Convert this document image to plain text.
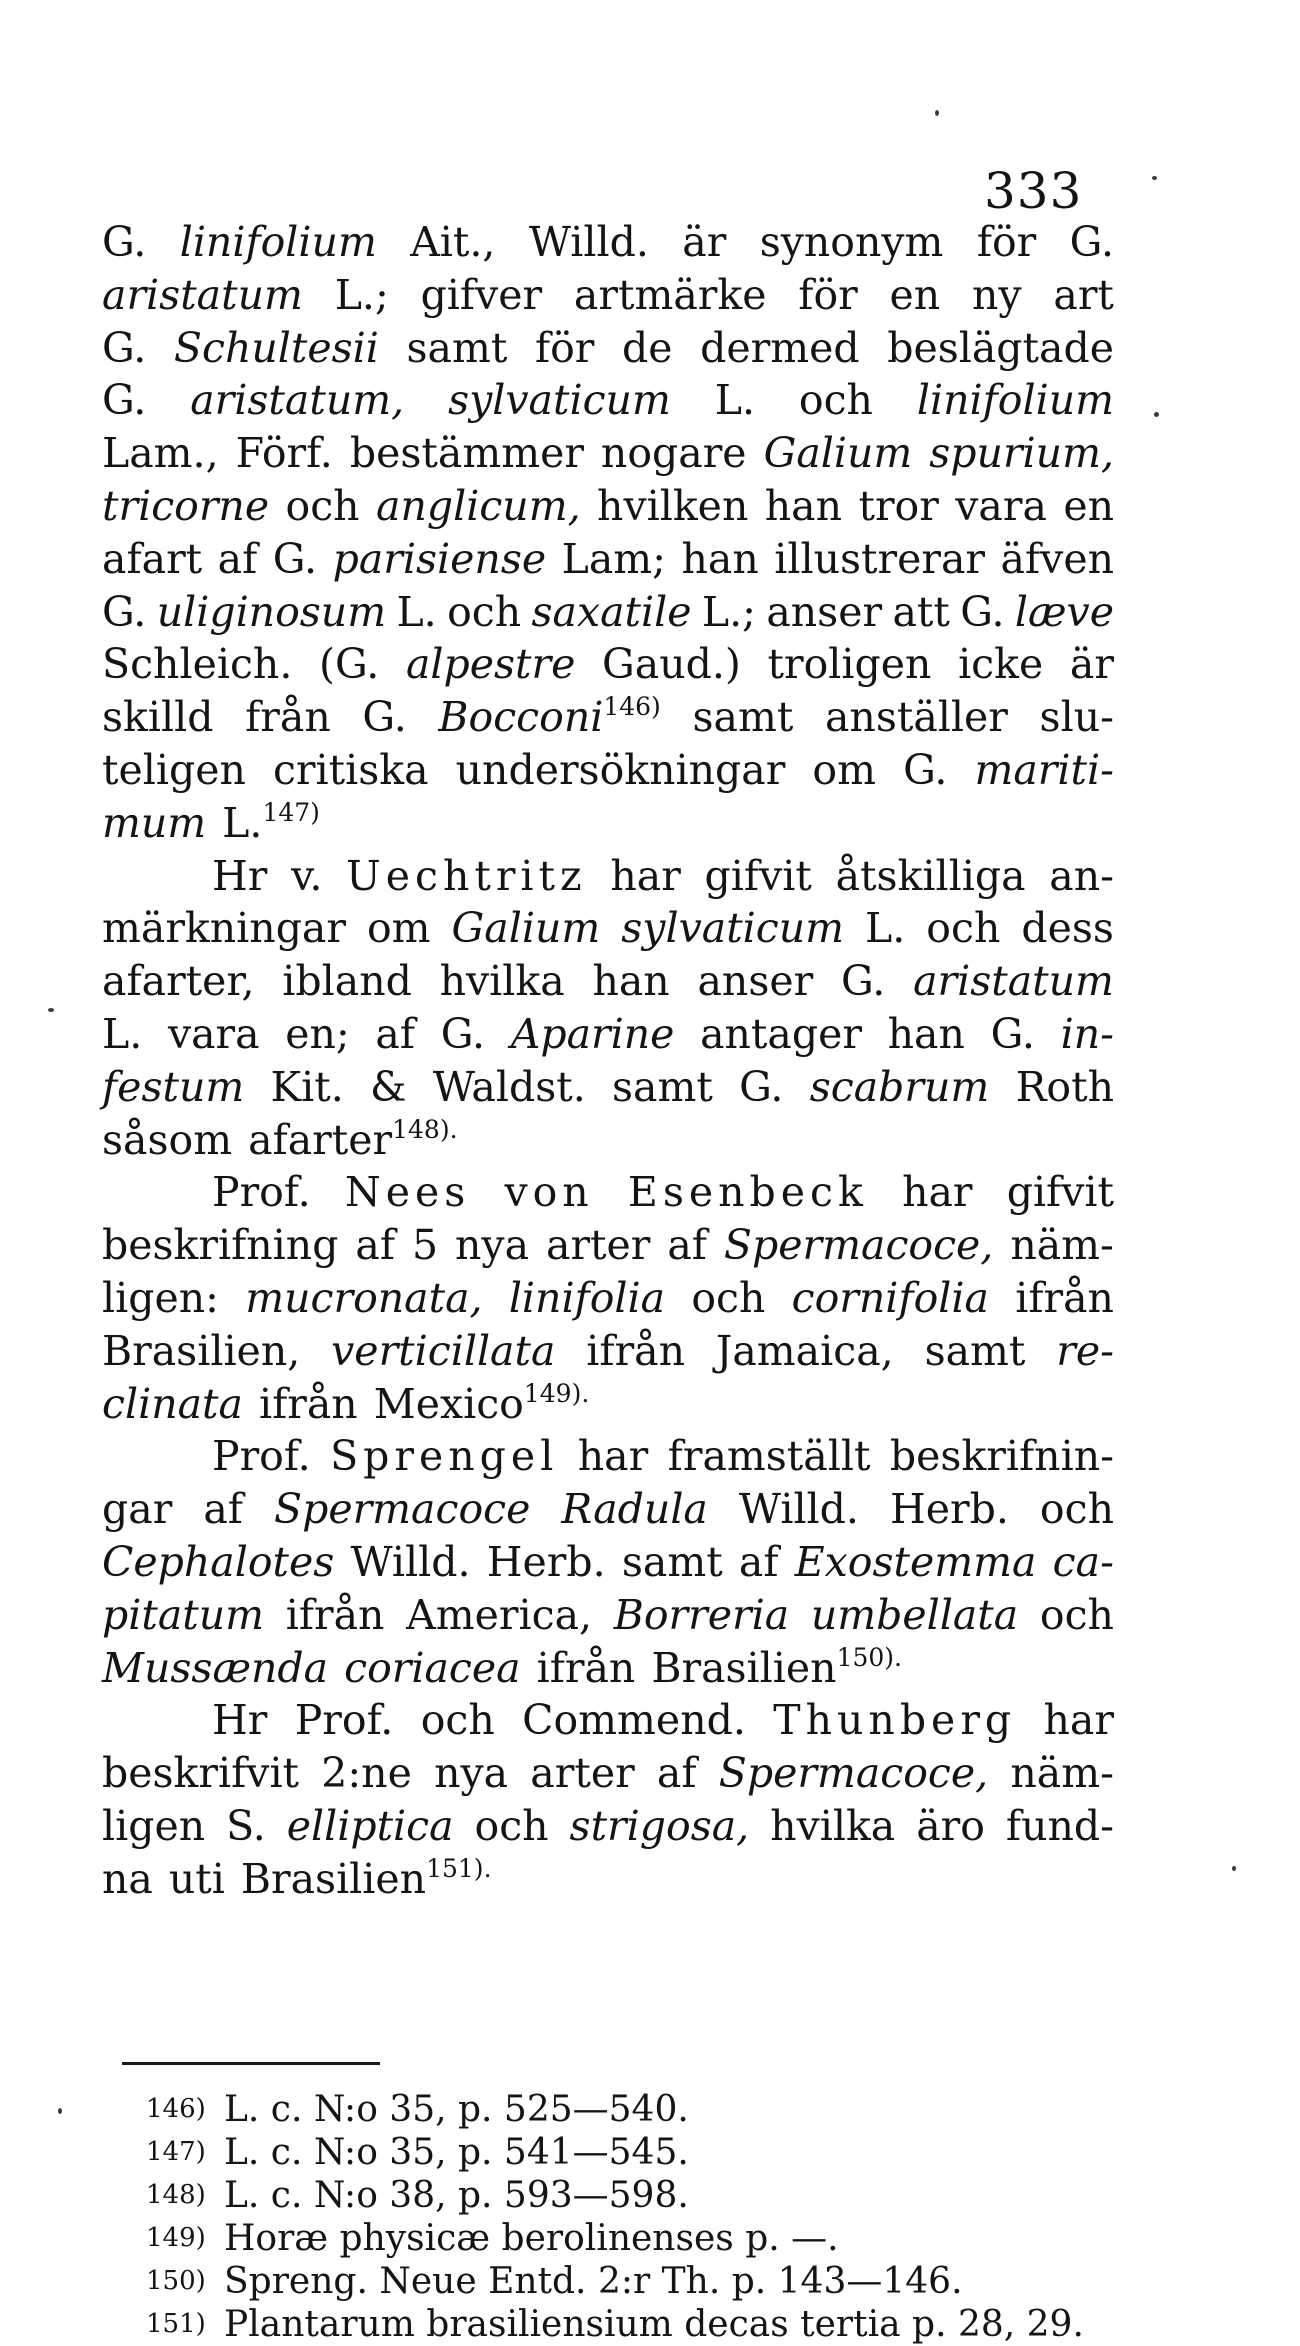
333
G. linifolium Ait., Willd. är synonym för G.
aristatum L.; gifver artmärke för en ny art
G. Schultesii samt för de dermed beslägtade
G. aristatum, sylvaticum L. och linifolium
Lam., Förf. bestämmer nogare Galium spurium,
tricorne och anglicum, hvilken han tror vara en
afart af G. parisiense Lam; han illustrerar äfven
G. uliginosum L. och saxatile L.; anser att G. læve
Schleich. (G. alpestre Gaud.) troligen icke är
skilld från G. Bocconi$^{146)}$ samt anställer slu-
teligen critiska undersökningar om G. mariti-
mum L.$^{147)}$
Hr v. Uechtritz har gifvit åtskilliga an-
märkningar om Galium sylvaticum L. och dess
afarter, ibland hvilka han anser G. aristatum
L. vara en; af G. Aparine antager han G. in-
festum Kit. & Waldst. samt G. scabrum Roth
såsom afarter$^{148).}$
Prof. Nees von Esenbeck har gifvit
beskrifning af 5 nya arter af Spermacoce, näm-
ligen: mucronata, linifolia och cornifolia ifrån
Brasilien, verticillata ifrån Jamaica, samt re-
clinata ifrån Mexico$^{149).}$
Prof. Sprengel har framställt beskrifnin-
gar af Spermacoce Radula Willd. Herb. och
Cephalotes Willd. Herb. samt af Exostemma ca-
pitatum ifrån America, Borreria umbellata och
Mussænda coriacea ifrån Brasilien$^{150).}$
Hr Prof. och Commend. Thunberg har
beskrifvit 2:ne nya arter af Spermacoce, näm-
ligen S. elliptica och strigosa, hvilka äro fund-
na uti Brasilien$^{151).}$
146) L. c. N:o 35, p. 525—540.
147) L. c. N:o 35, p. 541—545.
148) L. c. N:o 38, p. 593—598.
149) Horæ physicæ berolinenses p. —.
150) Spreng. Neue Entd. 2:r Th. p. 143—146.
151) Plantarum brasiliensium decas tertia p. 28, 29.
